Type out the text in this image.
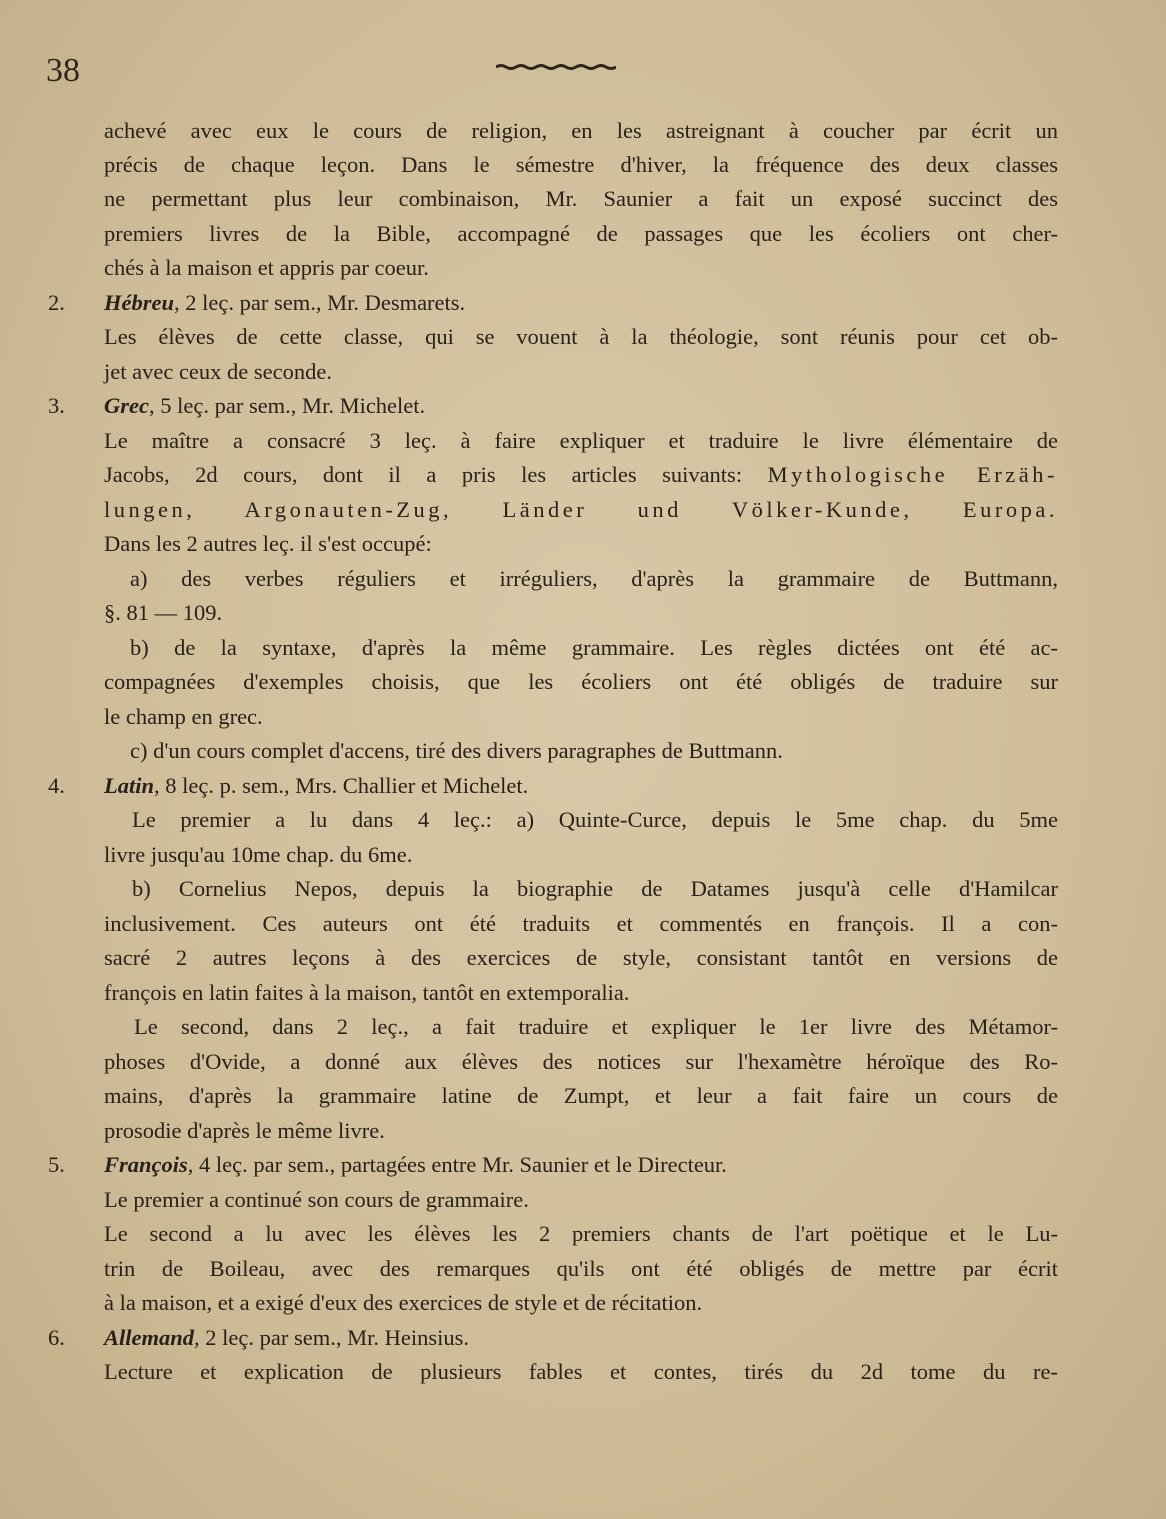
38
achevé avec eux le cours de religion, en les astreignant à coucher par écrit un
précis de chaque leçon. Dans le sémestre d'hiver, la fréquence des deux classes
ne permettant plus leur combinaison, Mr. Saunier a fait un exposé succinct des
premiers livres de la Bible, accompagné de passages que les écoliers ont cher-
chés à la maison et appris par coeur.
2. Hébreu, 2 leç. par sem., Mr. Desmarets.
Les élèves de cette classe, qui se vouent à la théologie, sont réunis pour cet ob-
jet avec ceux de seconde.
3. Grec, 5 leç. par sem., Mr. Michelet.
Le maître a consacré 3 leç. à faire expliquer et traduire le livre élémentaire de
Jacobs, 2d cours, dont il a pris les articles suivants: Mythologische Erzäh-
lungen, Argonauten-Zug, Länder und Völker-Kunde, Europa.
Dans les 2 autres leç. il s'est occupé:
a) des verbes réguliers et irréguliers, d'après la grammaire de Buttmann,
§. 81 — 109.
b) de la syntaxe, d'après la même grammaire. Les règles dictées ont été ac-
compagnées d'exemples choisis, que les écoliers ont été obligés de traduire sur
le champ en grec.
c) d'un cours complet d'accens, tiré des divers paragraphes de Buttmann.
4. Latin, 8 leç. p. sem., Mrs. Challier et Michelet.
Le premier a lu dans 4 leç.: a) Quinte-Curce, depuis le 5me chap. du 5me
livre jusqu'au 10me chap. du 6me.
b) Cornelius Nepos, depuis la biographie de Datames jusqu'à celle d'Hamilcar
inclusivement. Ces auteurs ont été traduits et commentés en françois. Il a con-
sacré 2 autres leçons à des exercices de style, consistant tantôt en versions de
françois en latin faites à la maison, tantôt en extemporalia.
Le second, dans 2 leç., a fait traduire et expliquer le 1er livre des Métamor-
phoses d'Ovide, a donné aux élèves des notices sur l'hexamètre héroïque des Ro-
mains, d'après la grammaire latine de Zumpt, et leur a fait faire un cours de
prosodie d'après le même livre.
5. François, 4 leç. par sem., partagées entre Mr. Saunier et le Directeur.
Le premier a continué son cours de grammaire.
Le second a lu avec les élèves les 2 premiers chants de l'art poëtique et le Lu-
trin de Boileau, avec des remarques qu'ils ont été obligés de mettre par écrit
à la maison, et a exigé d'eux des exercices de style et de récitation.
6. Allemand, 2 leç. par sem., Mr. Heinsius.
Lecture et explication de plusieurs fables et contes, tirés du 2d tome du re-
